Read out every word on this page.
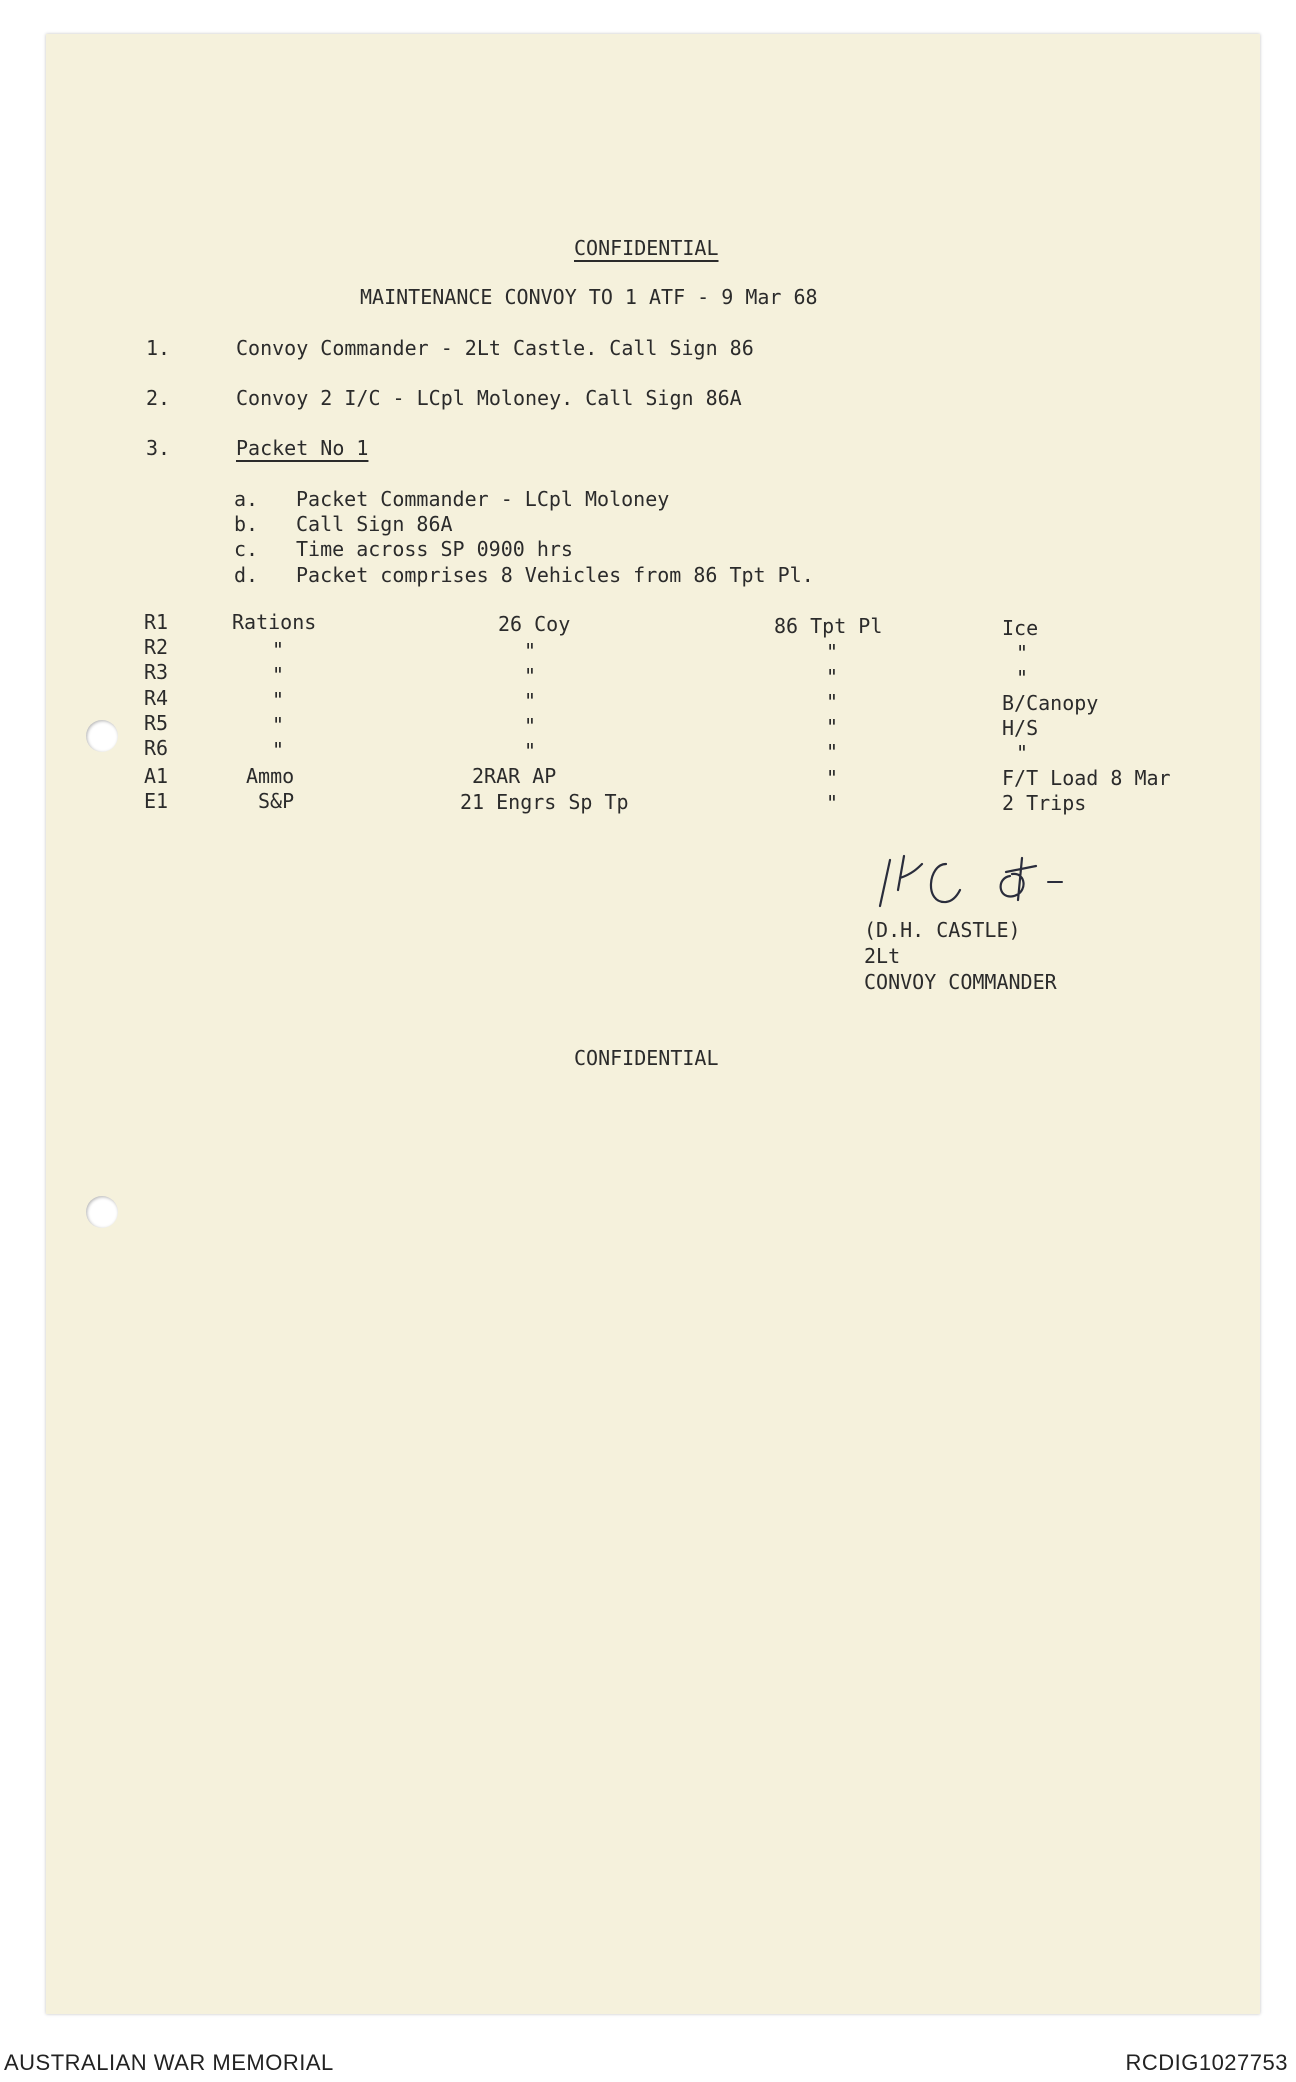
CONFIDENTIAL
MAINTENANCE CONVOY TO 1 ATF - 9 Mar 68
1.	Convoy Commander - 2Lt Castle. Call Sign 86
2.	Convoy 2 I/C - LCpl Moloney. Call Sign 86A
3.	Packet No 1
a. Packet Commander - LCpl Moloney
b. Call Sign 86A
c. Time across SP 0900 hrs
d. Packet comprises 8 Vehicles from 86 Tpt Pl.
R1	Rations	26 Coy	86 Tpt Pl	Ice
R2	"	"	"	"
R3	"	"	"	"
R4	"	"	"	B/Canopy
R5	"	"	"	H/S
R6	"	"	"	"
A1	Ammo	2RAR AP	"	F/T Load 8 Mar
E1	S&P	21 Engrs Sp Tp	"	2 Trips
(D.H. CASTLE)
2Lt
CONVOY COMMANDER
CONFIDENTIAL
AUSTRALIAN WAR MEMORIAL	RCDIG1027753
